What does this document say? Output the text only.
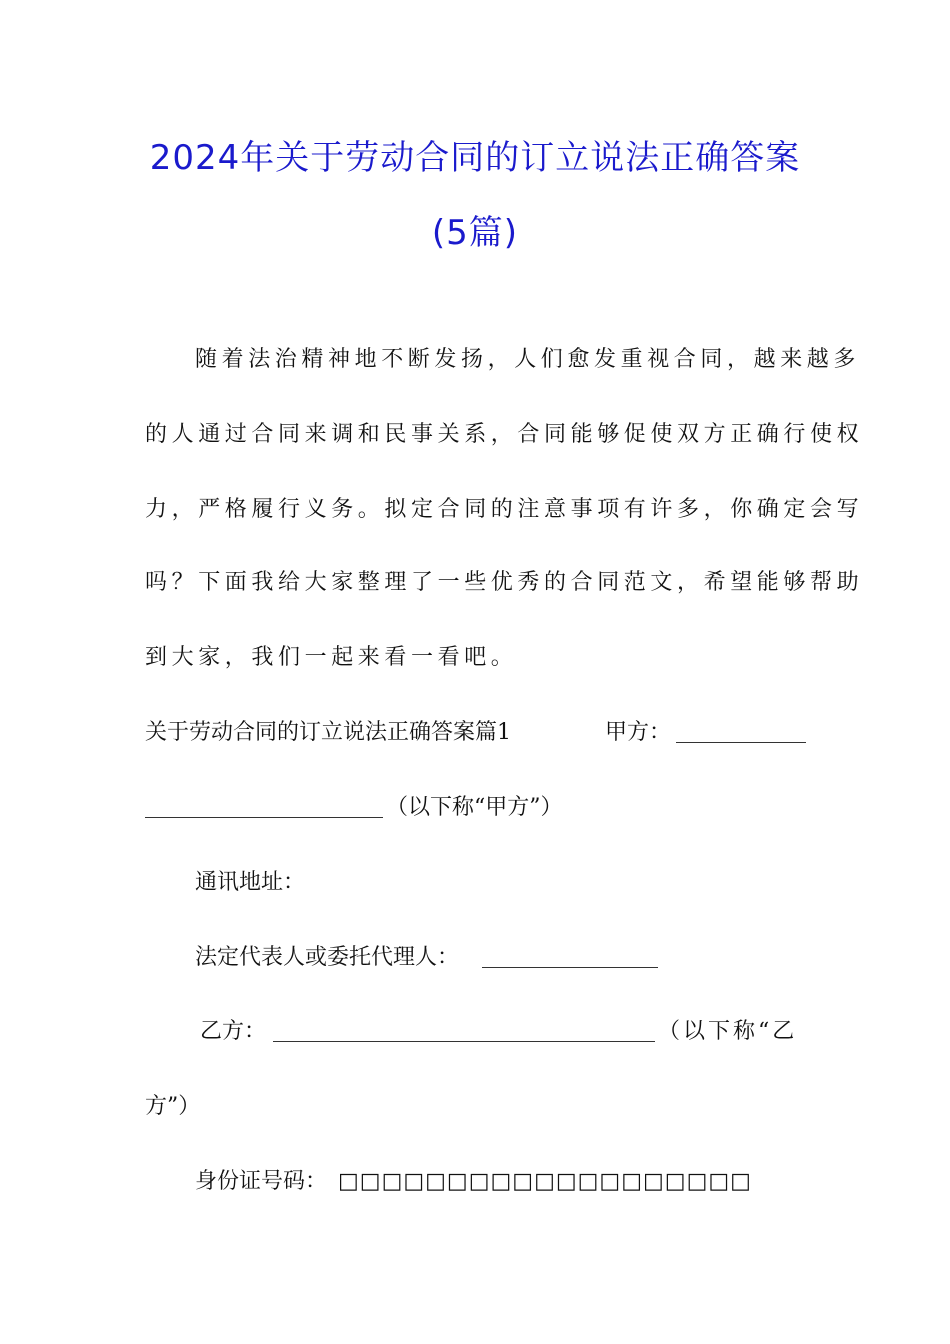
2024年关于劳动合同的订立说法正确答案
(5篇)
随着法治精神地不断发扬，人们愈发重视合同，越来越多
的人通过合同来调和民事关系，合同能够促使双方正确行使权
力，严格履行义务。拟定合同的注意事项有许多，你确定会写
吗？下面我给大家整理了一些优秀的合同范文，希望能够帮助
到大家，我们一起来看一看吧。
关于劳动合同的订立说法正确答案篇1	甲方：
（以下称“甲方”）
通讯地址：
法定代表人或委托代理人：
乙方：	（以下称“乙
方”）
身份证号码： □□□□□□□□□□□□□□□□□□□
